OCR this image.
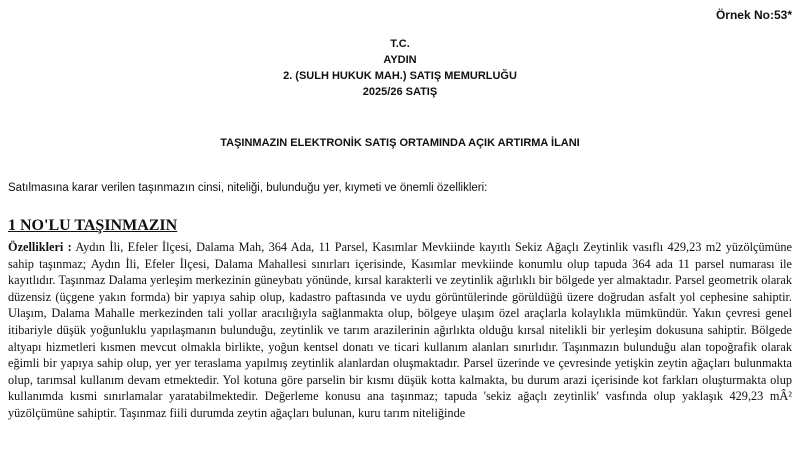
Örnek No:53*
T.C.
AYDIN
2. (SULH HUKUK MAH.) SATIŞ MEMURLUĞU
2025/26 SATIŞ
TAŞINMAZIN ELEKTRONİK SATIŞ ORTAMINDA AÇIK ARTIRMA İLANI
Satılmasına karar verilen taşınmazın cinsi, niteliği, bulunduğu yer, kıymeti ve önemli özellikleri:
1 NO'LU TAŞINMAZIN
Özellikleri : Aydın İli, Efeler İlçesi, Dalama Mah, 364 Ada, 11 Parsel, Kasımlar Mevkiinde kayıtlı Sekiz Ağaçlı Zeytinlik vasıflı 429,23 m2 yüzölçümüne sahip taşınmaz; Aydın İli, Efeler İlçesi, Dalama Mahallesi sınırları içerisinde, Kasımlar mevkiinde konumlu olup tapuda 364 ada 11 parsel numarası ile kayıtlıdır. Taşınmaz Dalama yerleşim merkezinin güneybatı yönünde, kırsal karakterli ve zeytinlik ağırlıklı bir bölgede yer almaktadır. Parsel geometrik olarak düzensiz (üçgene yakın formda) bir yapıya sahip olup, kadastro paftasında ve uydu görüntülerinde görüldüğü üzere doğrudan asfalt yol cephesine sahiptir. Ulaşım, Dalama Mahalle merkezinden tali yollar aracılığıyla sağlanmakta olup, bölgeye ulaşım özel araçlarla kolaylıkla mümkündür. Yakın çevresi genel itibariyle düşük yoğunluklu yapılaşmanın bulunduğu, zeytinlik ve tarım arazilerinin ağırlıkta olduğu kırsal nitelikli bir yerleşim dokusuna sahiptir. Bölgede altyapı hizmetleri kısmen mevcut olmakla birlikte, yoğun kentsel donatı ve ticari kullanım alanları sınırlıdır. Taşınmazın bulunduğu alan topoğrafik olarak eğimli bir yapıya sahip olup, yer yer teraslama yapılmış zeytinlik alanlardan oluşmaktadır. Parsel üzerinde ve çevresinde yetişkin zeytin ağaçları bulunmakta olup, tarımsal kullanım devam etmektedir. Yol kotuna göre parselin bir kısmı düşük kotta kalmakta, bu durum arazi içerisinde kot farkları oluşturmakta olup kullanımda kısmi sınırlamalar yaratabilmektedir. Değerleme konusu ana taşınmaz; tapuda 'sekiz ağaçlı zeytinlik' vasfında olup yaklaşık 429,23 mÂ² yüzölçümüne sahiptir. Taşınmaz fiili durumda zeytin ağaçları bulunan, kuru tarım niteliğinde
